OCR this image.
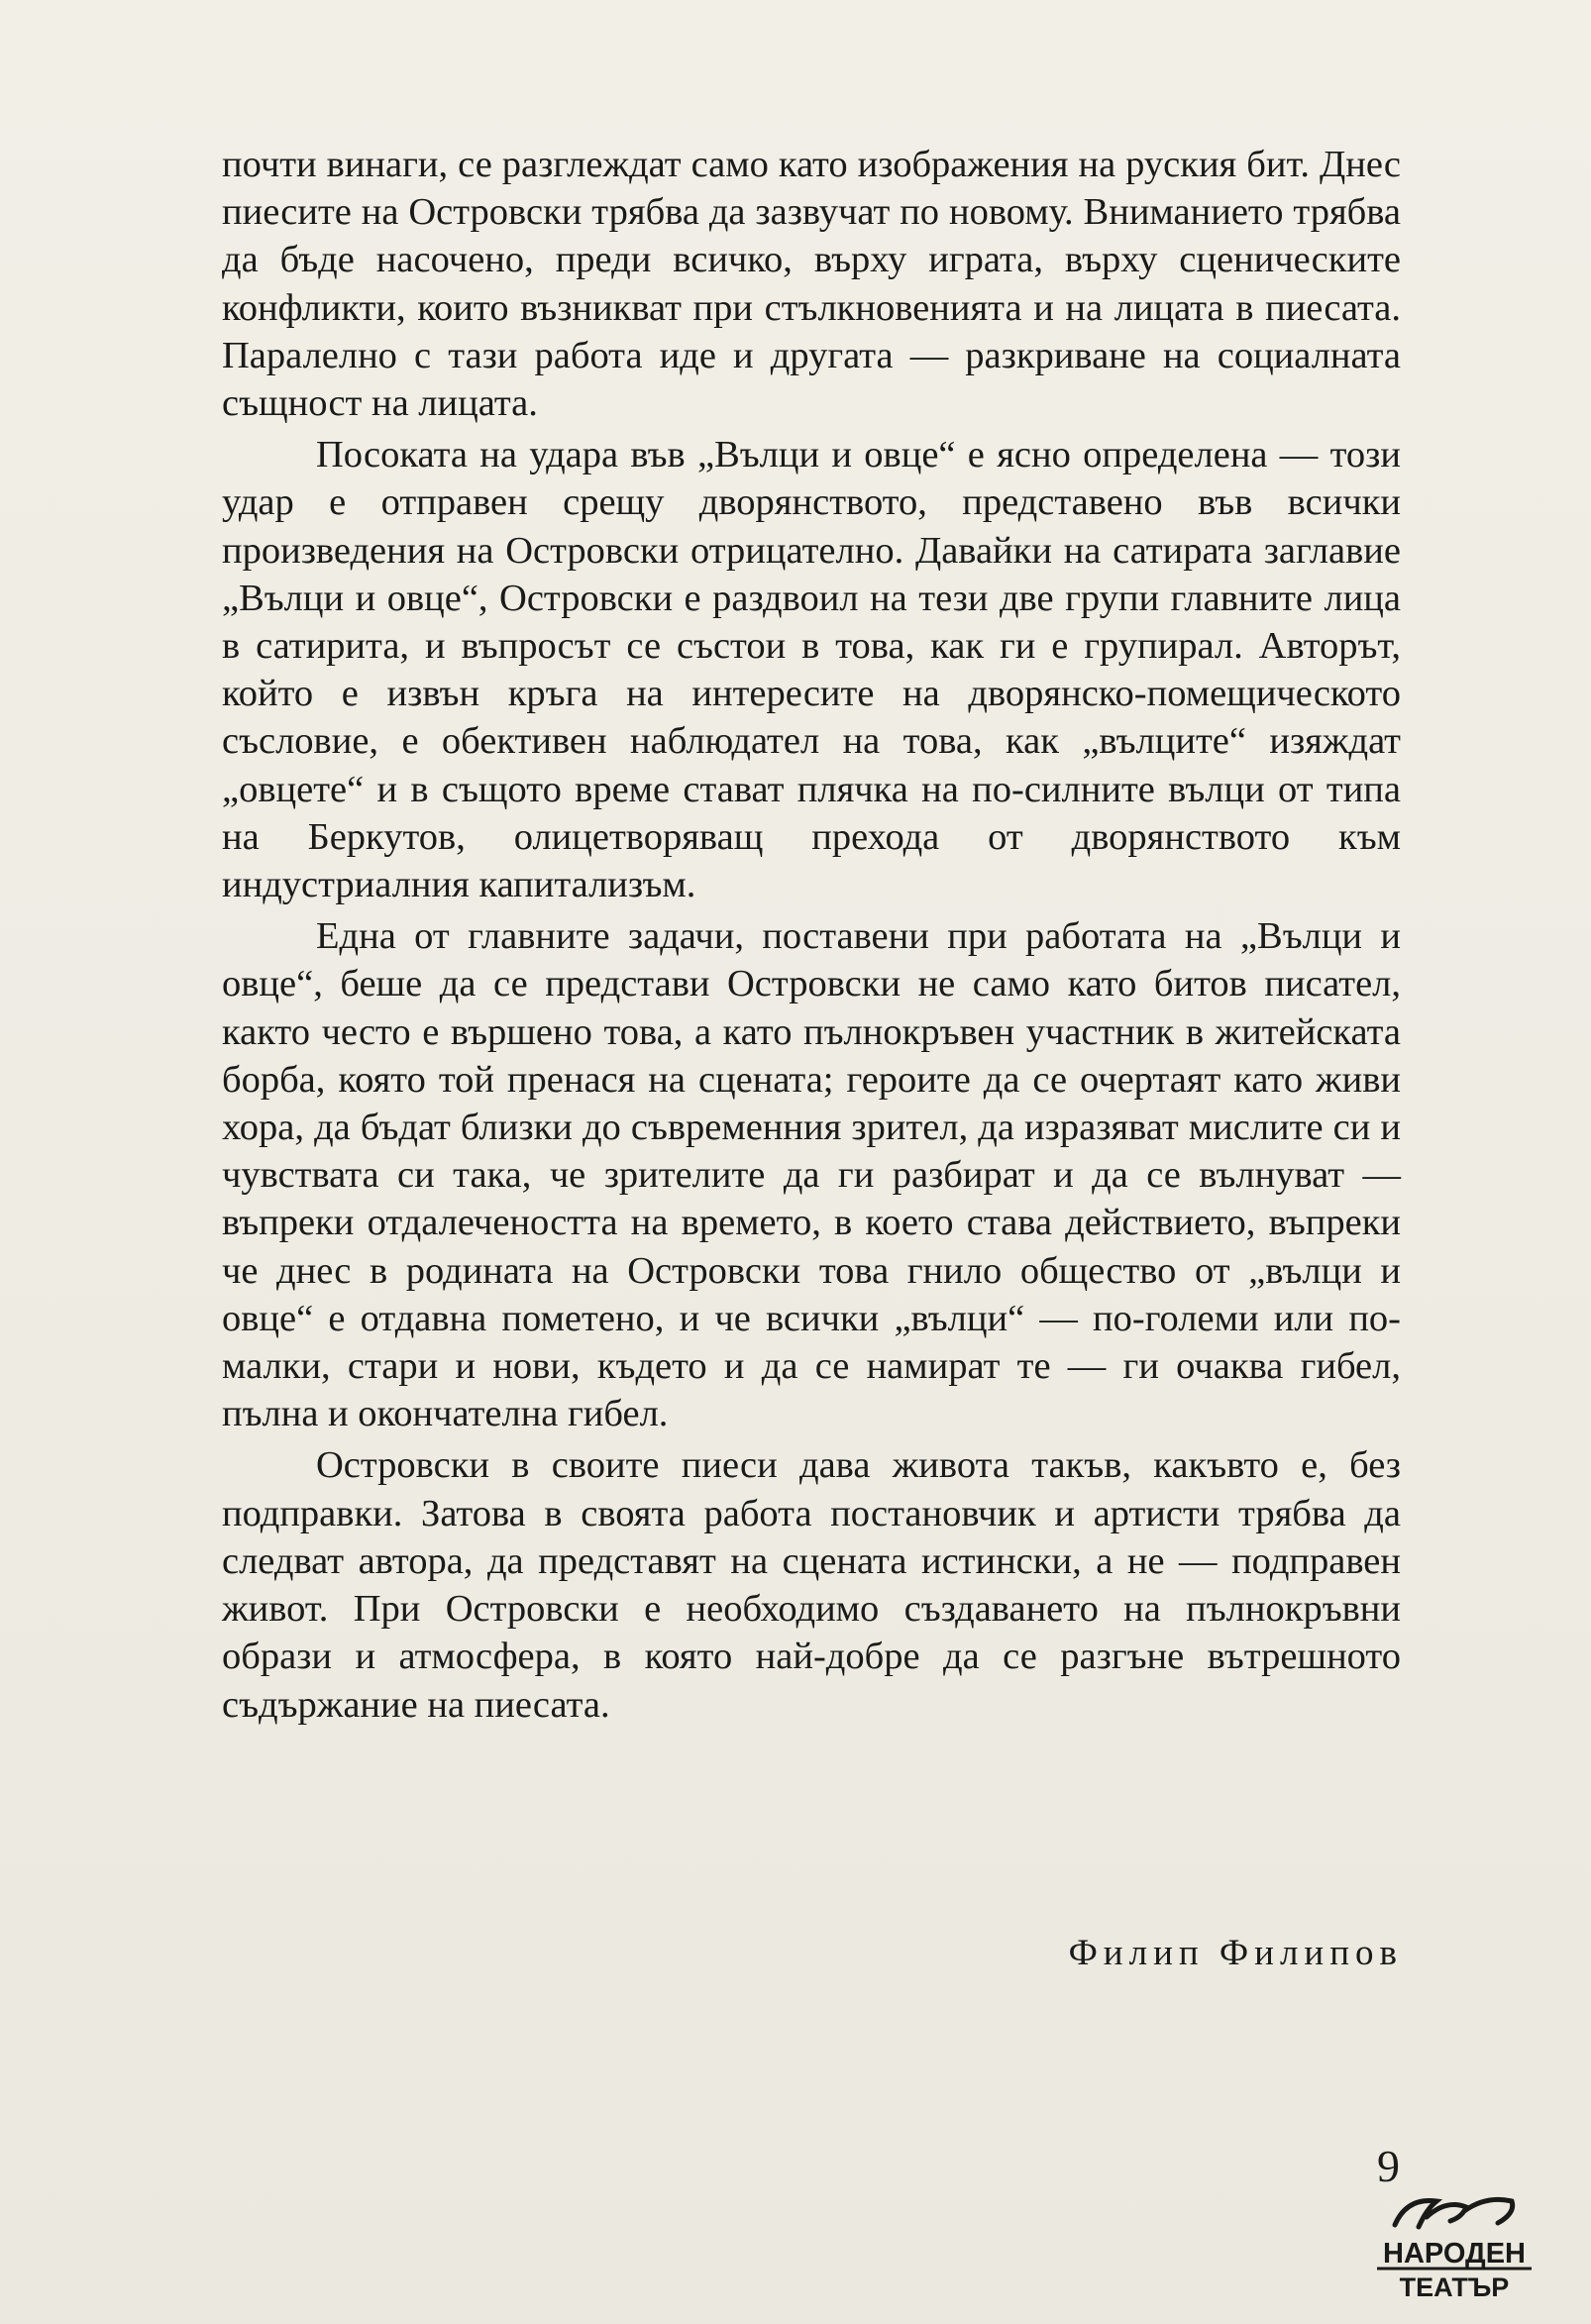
почти винаги, се разглеждат само като изображения на руския бит. Днес пиесите на Островски трябва да зазвучат по новому. Вниманието трябва да бъде насочено, преди всичко, върху играта, върху сценическите конфликти, които възникват при стълкновенията и на лицата в пиесата. Паралелно с тази работа иде и другата — разкриване на социалната същност на лицата.

Посоката на удара във „Вълци и овце“ е ясно определена — този удар е отправен срещу дворянството, представено във всички произведения на Островски отрицателно. Давайки на сатирата заглавие „Вълци и овце“, Островски е раздвоил на тези две групи главните лица в сатирита, и въпросът се състои в това, как ги е групирал. Авторът, който е извън кръга на интересите на дворянско-помещическото съсловие, е обективен наблюдател на това, как „вълците“ изяждат „овцете“ и в същото време стават плячка на по-силните вълци от типа на Беркутов, олицетворяващ прехода от дворянството към индустриалния капитализъм.

Една от главните задачи, поставени при работата на „Вълци и овце“, беше да се представи Островски не само като битов писател, както често е вършено това, а като пълнокръвен участник в житейската борба, която той пренася на сцената; героите да се очертаят като живи хора, да бъдат близки до съвременния зрител, да изразяват мислите си и чувствата си така, че зрителите да ги разбират и да се вълнуват — въпреки отдалечеността на времето, в което става действието, въпреки че днес в родината на Островски това гнило общество от „вълци и овце“ е отдавна пометено, и че всички „вълци“ — по-големи или по-малки, стари и нови, където и да се намират те — ги очаква гибел, пълна и окончателна гибел.

Островски в своите пиеси дава живота такъв, какъвто е, без подправки. Затова в своята работа постановчик и артисти трябва да следват автора, да представят на сцената истински, а не — подправен живот. При Островски е необходимо създаването на пълнокръвни образи и атмосфера, в която най-добре да се разгъне вътрешното съдържание на пиесата.

Филип Филипов
9
НАРОДЕН
ТЕАТЪР
